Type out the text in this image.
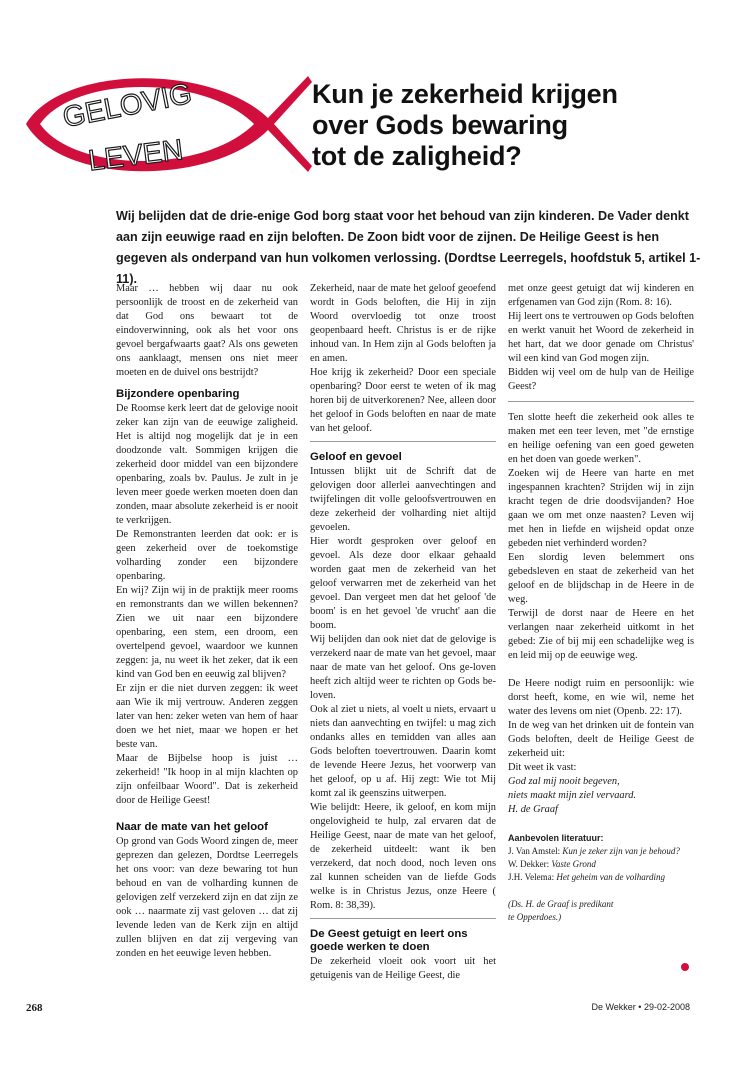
GELOVIG
LEVEN
Kun je zekerheid krijgen
over Gods bewaring
tot de zaligheid?

Wij belijden dat de drie-enige God borg staat voor het behoud van zijn kinderen. De Vader denkt aan zijn eeuwige raad en zijn beloften. De Zoon bidt voor de zijnen. De Heilige Geest is hen gegeven als onderpand van hun volkomen verlossing. (Dordtse Leerregels, hoofdstuk 5, artikel 1-11).

Maar … hebben wij daar nu ook persoonlijk de troost en de zekerheid van dat God ons bewaart tot de eindoverwinning, ook als het voor ons gevoel bergafwaarts gaat? Als ons geweten ons aanklaagt, mensen ons niet meer moeten en de duivel ons bestrijdt?

Bijzondere openbaring

De Roomse kerk leert dat de gelovige nooit zeker kan zijn van de eeuwige zaligheid. Het is altijd nog mogelijk dat je in een doodzonde valt. Sommigen krijgen die zekerheid door middel van een bijzondere openbaring, zoals bv. Paulus. Je zult in je leven meer goede werken moeten doen dan zonden, maar absolute zekerheid is er nooit te verkrijgen.

De Remonstranten leerden dat ook: er is geen zekerheid over de toekomstige volharding zonder een bijzondere openbaring.

En wij? Zijn wij in de praktijk meer rooms en remonstrants dan we willen bekennen? Zien we uit naar een bijzondere openbaring, een stem, een droom, een overtelpend gevoel, waardoor we kunnen zeggen: ja, nu weet ik het zeker, dat ik een kind van God ben en eeuwig zal blijven?

Er zijn er die niet durven zeggen: ik weet aan Wie ik mij vertrouw. Anderen zeggen later van hen: zeker weten van hem of haar doen we het niet, maar we hopen er het beste van.

Maar de Bijbelse hoop is juist … zekerheid! "Ik hoop in al mijn klachten op zijn onfeilbaar Woord". Dat is zekerheid door de Heilige Geest!

Naar de mate van het geloof

Op grond van Gods Woord zingen de, meer geprezen dan gelezen, Dordtse Leerregels het ons voor: van deze bewaring tot hun behoud en van de volharding kunnen de gelovigen zelf verzekerd zijn en dat zijn ze ook … naarmate zij vast geloven … dat zij levende leden van de Kerk zijn en altijd zullen blijven en dat zij vergeving van zonden en het eeuwige leven hebben.

Zekerheid, naar de mate het geloof geoefend wordt in Gods beloften, die Hij in zijn Woord overvloedig tot onze troost geopenbaard heeft. Christus is er de rijke inhoud van. In Hem zijn al Gods beloften ja en amen.

Hoe krijg ik zekerheid? Door een speciale openbaring? Door eerst te weten of ik mag horen bij de uitverkorenen? Nee, alleen door het geloof in Gods beloften en naar de mate van het geloof.

Geloof en gevoel

Intussen blijkt uit de Schrift dat de gelovigen door allerlei aanvechtingen and twijfelingen dit volle geloofsvertrouwen en deze zekerheid der volharding niet altijd gevoelen.

Hier wordt gesproken over geloof en gevoel. Als deze door elkaar gehaald worden gaat men de zekerheid van het geloof verwarren met de zekerheid van het gevoel. Dan vergeet men dat het geloof 'de boom' is en het gevoel 'de vrucht' aan die boom.

Wij belijden dan ook niet dat de gelovige is verzekerd naar de mate van het gevoel, maar naar de mate van het geloof. Ons ge-loven heeft zich altijd weer te richten op Gods be-loven.

Ook al ziet u niets, al voelt u niets, ervaart u niets dan aanvechting en twijfel: u mag zich ondanks alles en temidden van alles aan Gods beloften toevertrouwen. Daarin komt de levende Heere Jezus, het voorwerp van het geloof, op u af. Hij zegt: Wie tot Mij komt zal ik geenszins uitwerpen.

Wie belijdt: Heere, ik geloof, en kom mijn ongelovigheid te hulp, zal ervaren dat de Heilige Geest, naar de mate van het geloof, de zekerheid uitdeelt: want ik ben verzekerd, dat noch dood, noch leven ons zal kunnen scheiden van de liefde Gods welke is in Christus Jezus, onze Heere ( Rom. 8: 38,39).

De Geest getuigt en leert ons goede werken te doen

De zekerheid vloeit ook voort uit het getuigenis van de Heilige Geest, die

met onze geest getuigt dat wij kinderen en erfgenamen van God zijn (Rom. 8: 16).

Hij leert ons te vertrouwen op Gods beloften en werkt vanuit het Woord de zekerheid in het hart, dat we door genade om Christus' wil een kind van God mogen zijn.

Bidden wij veel om de hulp van de Heilige Geest?

Ten slotte heeft die zekerheid ook alles te maken met een teer leven, met "de ernstige en heilige oefening van een goed geweten en het doen van goede werken".

Zoeken wij de Heere van harte en met ingespannen krachten? Strijden wij in zijn kracht tegen de drie doodsvijanden? Hoe gaan we om met onze naasten? Leven wij met hen in liefde en wijsheid opdat onze gebeden niet verhinderd worden?

Een slordig leven belemmert ons gebedsleven en staat de zekerheid van het geloof en de blijdschap in de Heere in de weg.

Terwijl de dorst naar de Heere en het verlangen naar zekerheid uitkomt in het gebed: Zie of bij mij een schadelijke weg is en leid mij op de eeuwige weg.

De Heere nodigt ruim en persoonlijk: wie dorst heeft, kome, en wie wil, neme het water des levens om niet (Openb. 22: 17).

In de weg van het drinken uit de fontein van Gods beloften, deelt de Heilige Geest de zekerheid uit:

Dit weet ik vast:

God zal mij nooit begeven,

niets maakt mijn ziel vervaard.

H. de Graaf

Aanbevolen literatuur:

J. Van Amstel: Kun je zeker zijn van je behoud?

W. Dekker: Vaste Grond

J.H. Velema: Het geheim van de volharding

(Ds. H. de Graaf is predikant

te Opperdoes.)

268	De Wekker • 29-02-2008
